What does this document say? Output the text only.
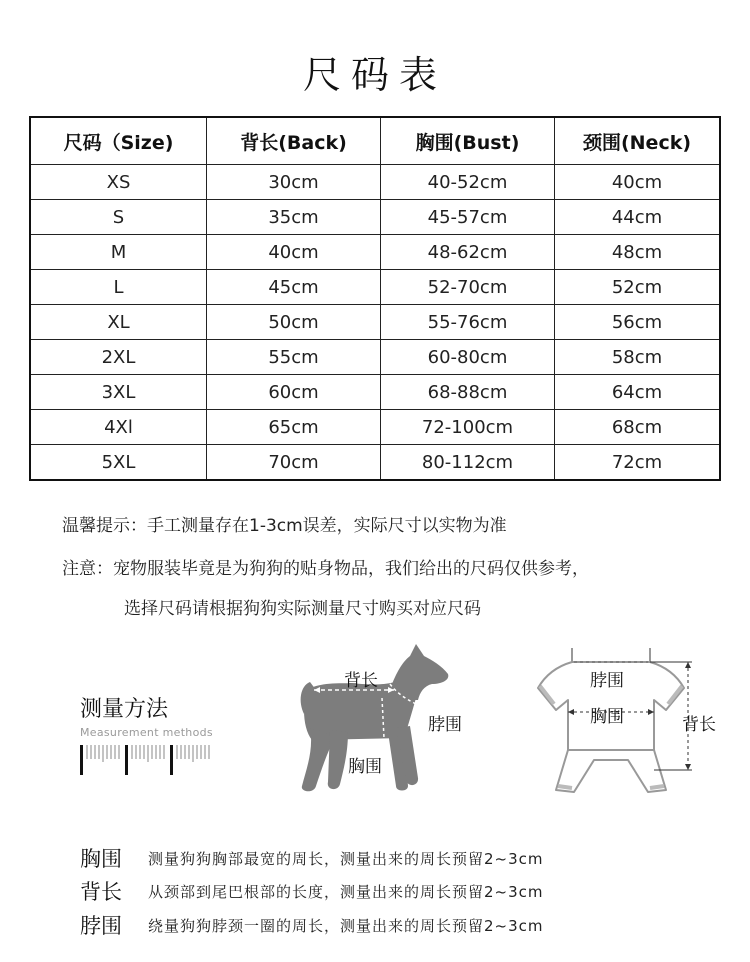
尺码表
尺码（Size)	背长(Back)	胸围(Bust)	颈围(Neck)
XS	30cm	40-52cm	40cm
S	35cm	45-57cm	44cm
M	40cm	48-62cm	48cm
L	45cm	52-70cm	52cm
XL	50cm	55-76cm	56cm
2XL	55cm	60-80cm	58cm
3XL	60cm	68-88cm	64cm
4Xl	65cm	72-100cm	68cm
5XL	70cm	80-112cm	72cm
温馨提示：手工测量存在1-3cm误差，实际尺寸以实物为准
注意：宠物服装毕竟是为狗狗的贴身物品，我们给出的尺码仅供参考，
选择尺码请根据狗狗实际测量尺寸购买对应尺码
测量方法
Measurement methods
背长
脖围
胸围
脖围
胸围	背长
胸围 测量狗狗胸部最宽的周长，测量出来的周长预留2~3cm
背长 从颈部到尾巴根部的长度，测量出来的周长预留2~3cm
脖围 绕量狗狗脖颈一圈的周长，测量出来的周长预留2~3cm
